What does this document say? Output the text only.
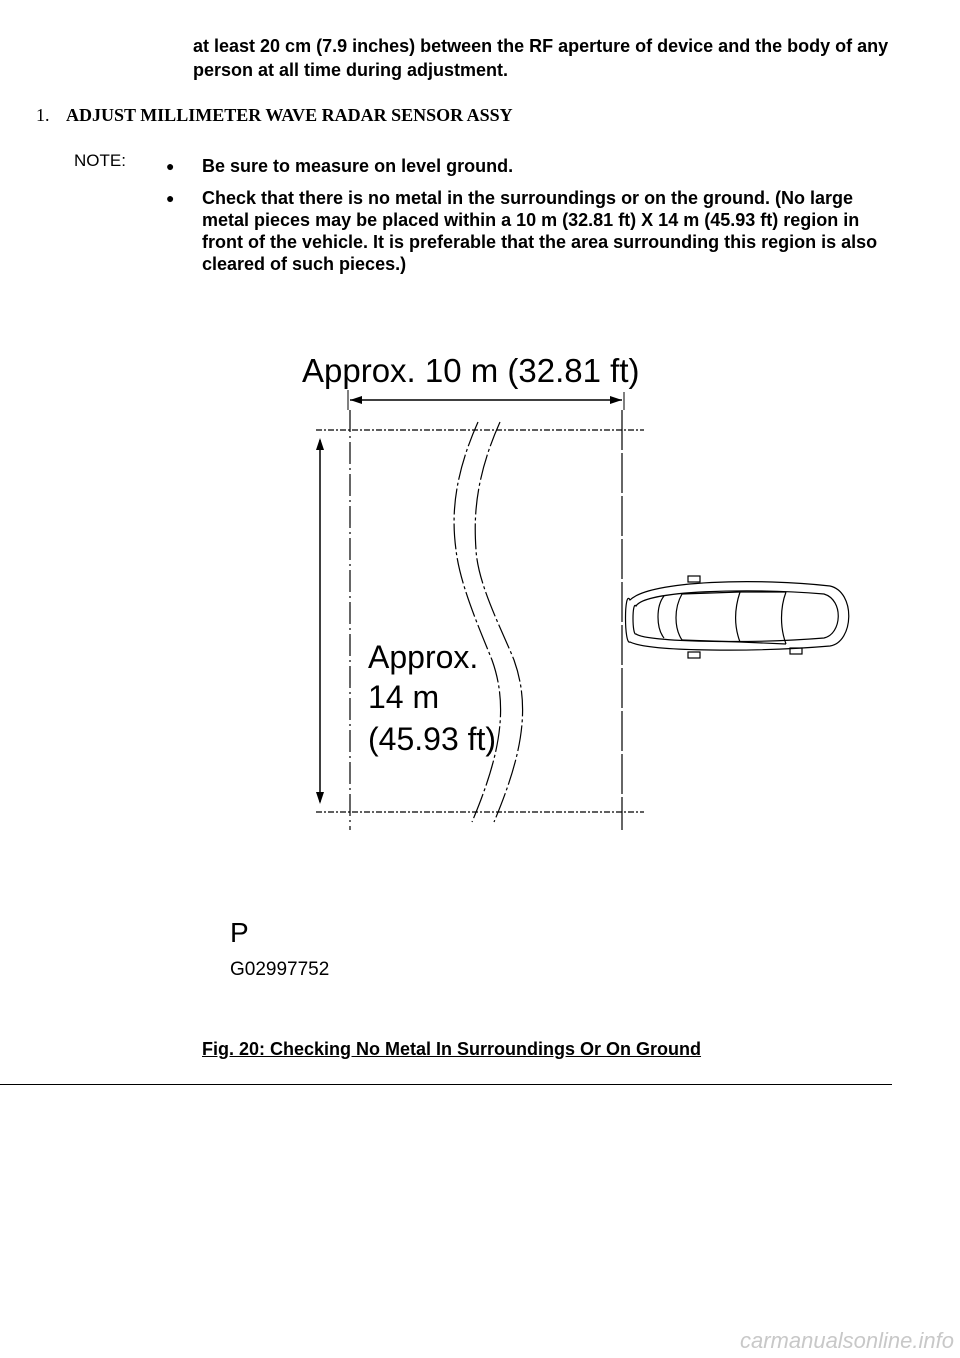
at least 20 cm (7.9 inches) between the RF aperture of device and the body of any person at all time during adjustment.
1. ADJUST MILLIMETER WAVE RADAR SENSOR ASSY
NOTE:	● Be sure to measure on level ground.
● Check that there is no metal in the surroundings or on the ground. (No large metal pieces may be placed within a 10 m (32.81 ft) X 14 m (45.93 ft) region in front of the vehicle. It is preferable that the area surrounding this region is also cleared of such pieces.)
Approx. 10 m (32.81 ft)
Approx.
14 m
(45.93 ft)
P
G02997752
Fig. 20: Checking No Metal In Surroundings Or On Ground
carmanualsonline.info
